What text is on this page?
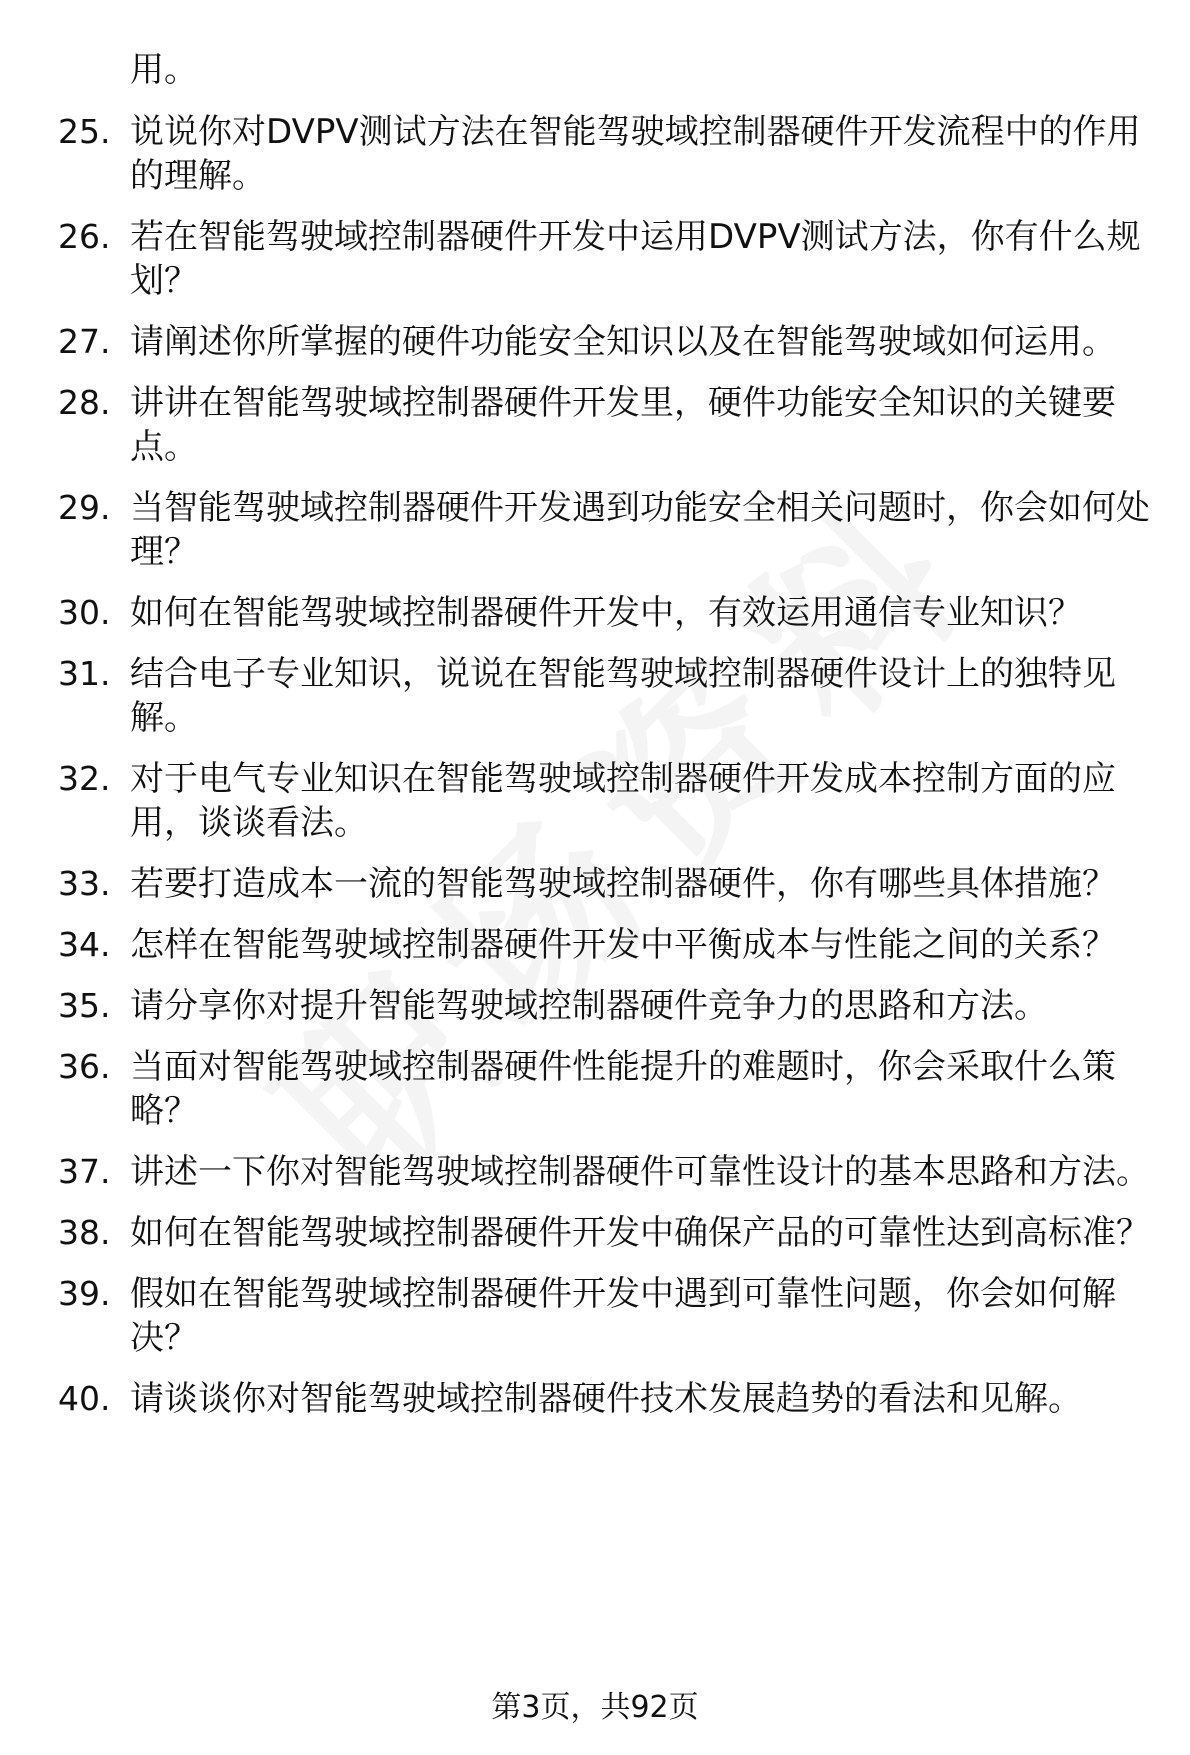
用。
25. 说说你对DVPV测试方法在智能驾驶域控制器硬件开发流程中的作用的理解。
26. 若在智能驾驶域控制器硬件开发中运用DVPV测试方法，你有什么规划？
27. 请阐述你所掌握的硬件功能安全知识以及在智能驾驶域如何运用。
28. 讲讲在智能驾驶域控制器硬件开发里，硬件功能安全知识的关键要点。
29. 当智能驾驶域控制器硬件开发遇到功能安全相关问题时，你会如何处理？
30. 如何在智能驾驶域控制器硬件开发中，有效运用通信专业知识？
31. 结合电子专业知识，说说在智能驾驶域控制器硬件设计上的独特见解。
32. 对于电气专业知识在智能驾驶域控制器硬件开发成本控制方面的应用，谈谈看法。
33. 若要打造成本一流的智能驾驶域控制器硬件，你有哪些具体措施？
34. 怎样在智能驾驶域控制器硬件开发中平衡成本与性能之间的关系？
35. 请分享你对提升智能驾驶域控制器硬件竞争力的思路和方法。
36. 当面对智能驾驶域控制器硬件性能提升的难题时，你会采取什么策略？
37. 讲述一下你对智能驾驶域控制器硬件可靠性设计的基本思路和方法。
38. 如何在智能驾驶域控制器硬件开发中确保产品的可靠性达到高标准？
39. 假如在智能驾驶域控制器硬件开发中遇到可靠性问题，你会如何解决？
40. 请谈谈你对智能驾驶域控制器硬件技术发展趋势的看法和见解。
第3页，共92页
